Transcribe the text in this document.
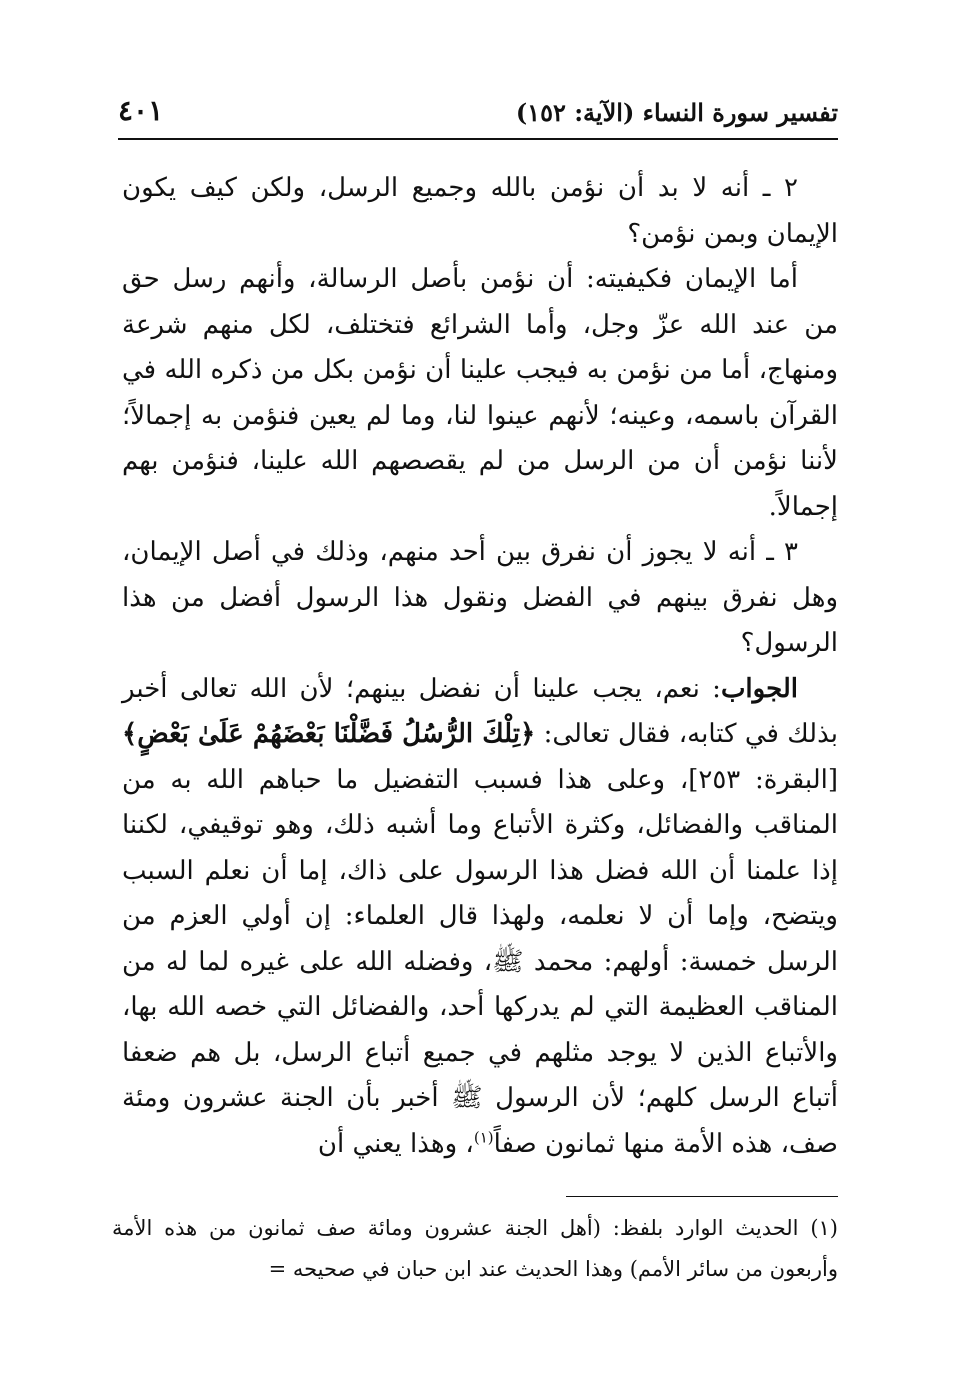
تفسير سورة النساء (الآية: ١٥٢)
٤٠١

٢ ـ أنه لا بد أن نؤمن بالله وجميع الرسل، ولكن كيف يكون الإيمان وبمن نؤمن؟

أما الإيمان فكيفيته: أن نؤمن بأصل الرسالة، وأنهم رسل حق من عند الله عزّ وجل، وأما الشرائع فتختلف، لكل منهم شرعة ومنهاج، أما من نؤمن به فيجب علينا أن نؤمن بكل من ذكره الله في القرآن باسمه، وعينه؛ لأنهم عينوا لنا، وما لم يعين فنؤمن به إجمالاً؛ لأننا نؤمن أن من الرسل من لم يقصصهم الله علينا، فنؤمن بهم إجمالاً.

٣ ـ أنه لا يجوز أن نفرق بين أحد منهم، وذلك في أصل الإيمان، وهل نفرق بينهم في الفضل ونقول هذا الرسول أفضل من هذا الرسول؟

الجواب: نعم، يجب علينا أن نفضل بينهم؛ لأن الله تعالى أخبر بذلك في كتابه، فقال تعالى: ﴿تِلْكَ الرُّسُلُ فَضَّلْنَا بَعْضَهُمْ عَلَىٰ بَعْضٍ﴾ [البقرة: ٢٥٣]، وعلى هذا فسبب التفضيل ما حباهم الله به من المناقب والفضائل، وكثرة الأتباع وما أشبه ذلك، وهو توقيفي، لكننا إذا علمنا أن الله فضل هذا الرسول على ذاك، إما أن نعلم السبب ويتضح، وإما أن لا نعلمه، ولهذا قال العلماء: إن أولي العزم من الرسل خمسة: أولهم: محمد ﷺ، وفضله الله على غيره لما له من المناقب العظيمة التي لم يدركها أحد، والفضائل التي خصه الله بها، والأتباع الذين لا يوجد مثلهم في جميع أتباع الرسل، بل هم ضعفا أتباع الرسل كلهم؛ لأن الرسول ﷺ أخبر بأن الجنة عشرون ومئة صف، هذه الأمة منها ثمانون صفاً$^{(١)}$، وهذا يعني أن

(١) الحديث الوارد بلفظ: (أهل الجنة عشرون ومائة صف ثمانون من هذه الأمة وأربعون من سائر الأمم) وهذا الحديث عند ابن حبان في صحيحه =
